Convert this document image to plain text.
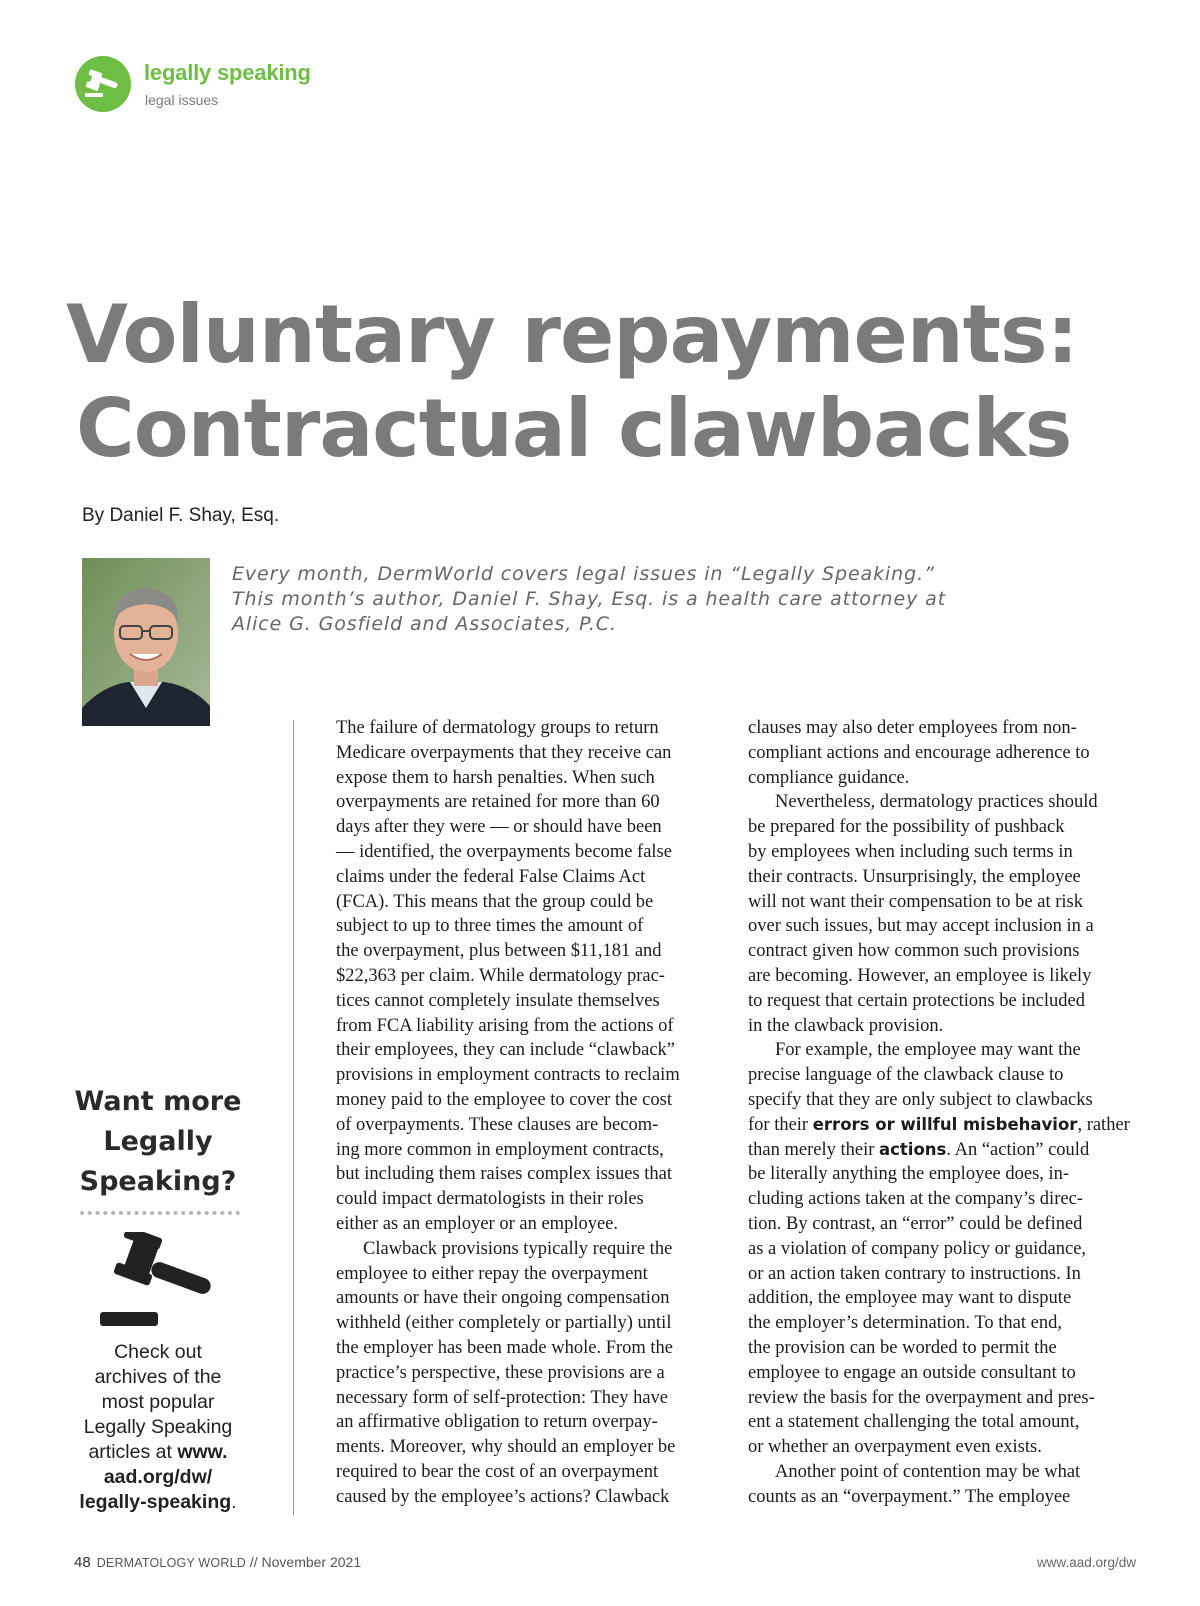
legally speaking
legal issues
Voluntary repayments:
Contractual clawbacks
By Daniel F. Shay, Esq.

Every month, DermWorld covers legal issues in “Legally Speaking.”
This month’s author, Daniel F. Shay, Esq. is a health care attorney at
Alice G. Gosfield and Associates, P.C.

Want more
Legally
Speaking?

Check out
archives of the
most popular
Legally Speaking
articles at www.
aad.org/dw/
legally-speaking.

The failure of dermatology groups to return
Medicare overpayments that they receive can
expose them to harsh penalties. When such
overpayments are retained for more than 60
days after they were — or should have been
— identified, the overpayments become false
claims under the federal False Claims Act
(FCA). This means that the group could be
subject to up to three times the amount of
the overpayment, plus between $11,181 and
$22,363 per claim. While dermatology prac-
tices cannot completely insulate themselves
from FCA liability arising from the actions of
their employees, they can include “clawback”
provisions in employment contracts to reclaim
money paid to the employee to cover the cost
of overpayments. These clauses are becom-
ing more common in employment contracts,
but including them raises complex issues that
could impact dermatologists in their roles
either as an employer or an employee.
Clawback provisions typically require the
employee to either repay the overpayment
amounts or have their ongoing compensation
withheld (either completely or partially) until
the employer has been made whole. From the
practice’s perspective, these provisions are a
necessary form of self-protection: They have
an affirmative obligation to return overpay-
ments. Moreover, why should an employer be
required to bear the cost of an overpayment
caused by the employee’s actions? Clawback

clauses may also deter employees from non-
compliant actions and encourage adherence to
compliance guidance.
Nevertheless, dermatology practices should
be prepared for the possibility of pushback
by employees when including such terms in
their contracts. Unsurprisingly, the employee
will not want their compensation to be at risk
over such issues, but may accept inclusion in a
contract given how common such provisions
are becoming. However, an employee is likely
to request that certain protections be included
in the clawback provision.
For example, the employee may want the
precise language of the clawback clause to
specify that they are only subject to clawbacks
for their errors or willful misbehavior, rather
than merely their actions. An “action” could
be literally anything the employee does, in-
cluding actions taken at the company’s direc-
tion. By contrast, an “error” could be defined
as a violation of company policy or guidance,
or an action taken contrary to instructions. In
addition, the employee may want to dispute
the employer’s determination. To that end,
the provision can be worded to permit the
employee to engage an outside consultant to
review the basis for the overpayment and pres-
ent a statement challenging the total amount,
or whether an overpayment even exists.
Another point of contention may be what
counts as an “overpayment.” The employee

48 DERMATOLOGY WORLD // November 2021	www.aad.org/dw
